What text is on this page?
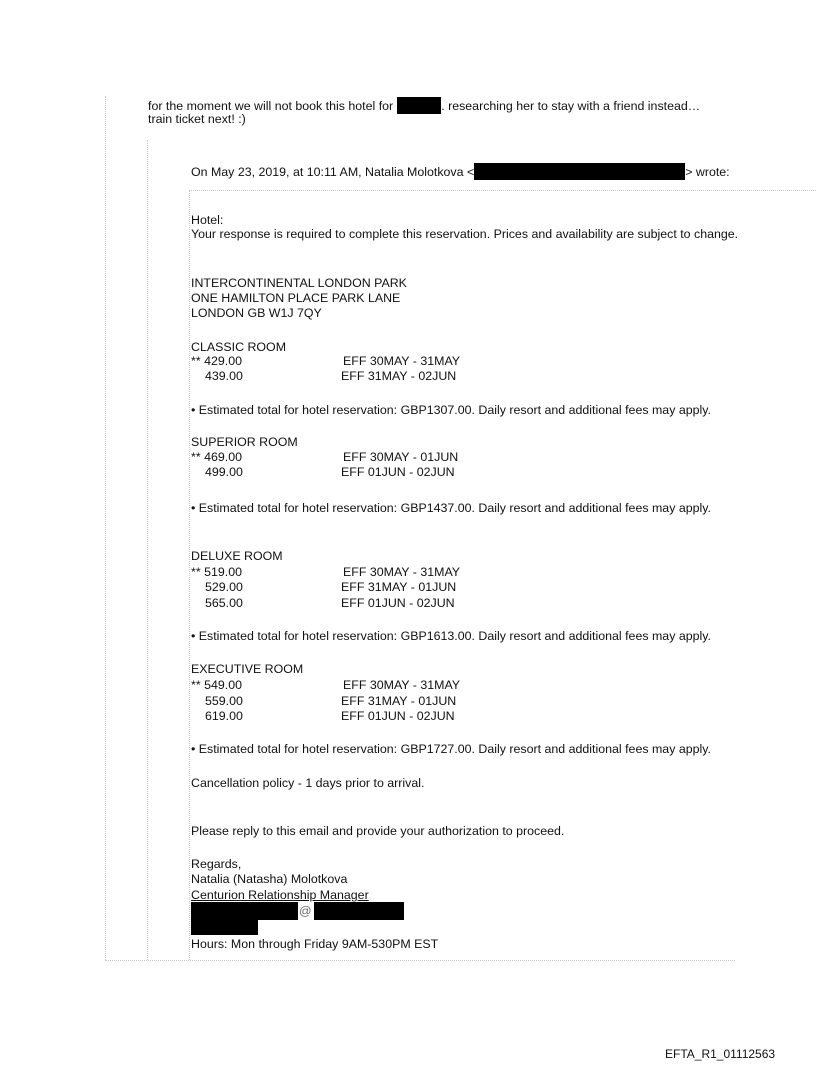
for the moment we will not book this hotel for	. researching her to stay with a friend instead…
train ticket next! :)
On May 23, 2019, at 10:11 AM, Natalia Molotkova <	> wrote:
Hotel:
Your response is required to complete this reservation. Prices and availability are subject to change.
INTERCONTINENTAL LONDON PARK
ONE HAMILTON PLACE PARK LANE
LONDON GB W1J 7QY
CLASSIC ROOM
** 429.00	EFF 30MAY - 31MAY
439.00	EFF 31MAY - 02JUN
• Estimated total for hotel reservation: GBP1307.00. Daily resort and additional fees may apply.
SUPERIOR ROOM
** 469.00	EFF 30MAY - 01JUN
499.00	EFF 01JUN - 02JUN
• Estimated total for hotel reservation: GBP1437.00. Daily resort and additional fees may apply.
DELUXE ROOM
** 519.00	EFF 30MAY - 31MAY
529.00	EFF 31MAY - 01JUN
565.00	EFF 01JUN - 02JUN
• Estimated total for hotel reservation: GBP1613.00. Daily resort and additional fees may apply.
EXECUTIVE ROOM
** 549.00	EFF 30MAY - 31MAY
559.00	EFF 31MAY - 01JUN
619.00	EFF 01JUN - 02JUN
• Estimated total for hotel reservation: GBP1727.00. Daily resort and additional fees may apply.
Cancellation policy - 1 days prior to arrival.
Please reply to this email and provide your authorization to proceed.
Regards,
Natalia (Natasha) Molotkova
Centurion Relationship Manager
@
Hours: Mon through Friday 9AM-530PM EST
EFTA_R1_01112563
